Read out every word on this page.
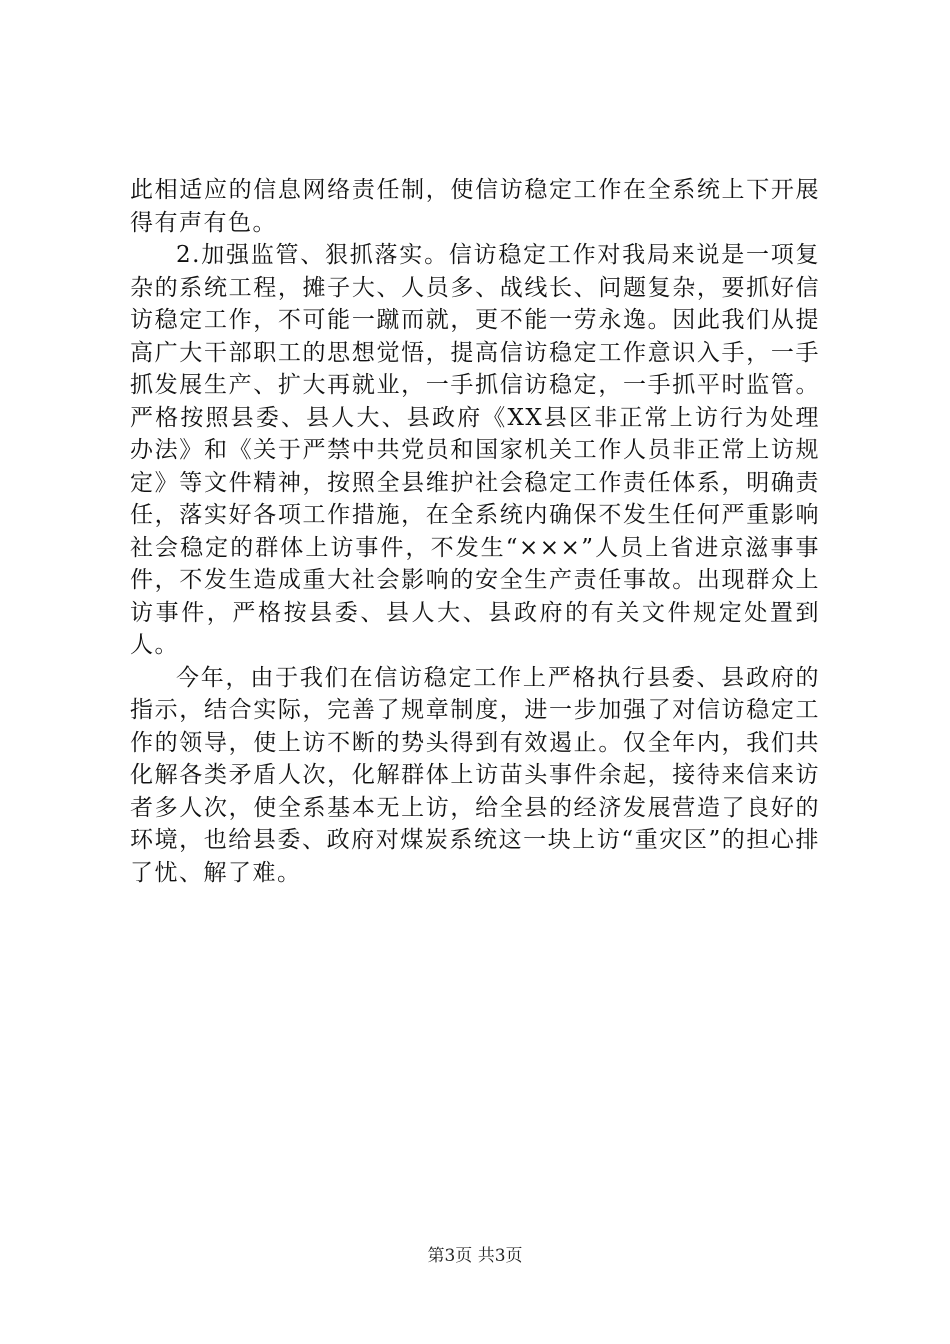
此相适应的信息网络责任制，使信访稳定工作在全系统上下开展得有声有色。

2.加强监管、狠抓落实。信访稳定工作对我局来说是一项复杂的系统工程，摊子大、人员多、战线长、问题复杂，要抓好信访稳定工作，不可能一蹴而就，更不能一劳永逸。因此我们从提高广大干部职工的思想觉悟，提高信访稳定工作意识入手，一手抓发展生产、扩大再就业，一手抓信访稳定，一手抓平时监管。严格按照县委、县人大、县政府《XX县区非正常上访行为处理办法》和《关于严禁中共党员和国家机关工作人员非正常上访规定》等文件精神，按照全县维护社会稳定工作责任体系，明确责任，落实好各项工作措施，在全系统内确保不发生任何严重影响社会稳定的群体上访事件，不发生“×××”人员上省进京滋事事件，不发生造成重大社会影响的安全生产责任事故。出现群众上访事件，严格按县委、县人大、县政府的有关文件规定处置到人。

今年，由于我们在信访稳定工作上严格执行县委、县政府的指示，结合实际，完善了规章制度，进一步加强了对信访稳定工作的领导，使上访不断的势头得到有效遏止。仅全年内，我们共化解各类矛盾人次，化解群体上访苗头事件余起，接待来信来访者多人次，使全系基本无上访，给全县的经济发展营造了良好的环境，也给县委、政府对煤炭系统这一块上访“重灾区”的担心排了忧、解了难。

第3页 共3页
